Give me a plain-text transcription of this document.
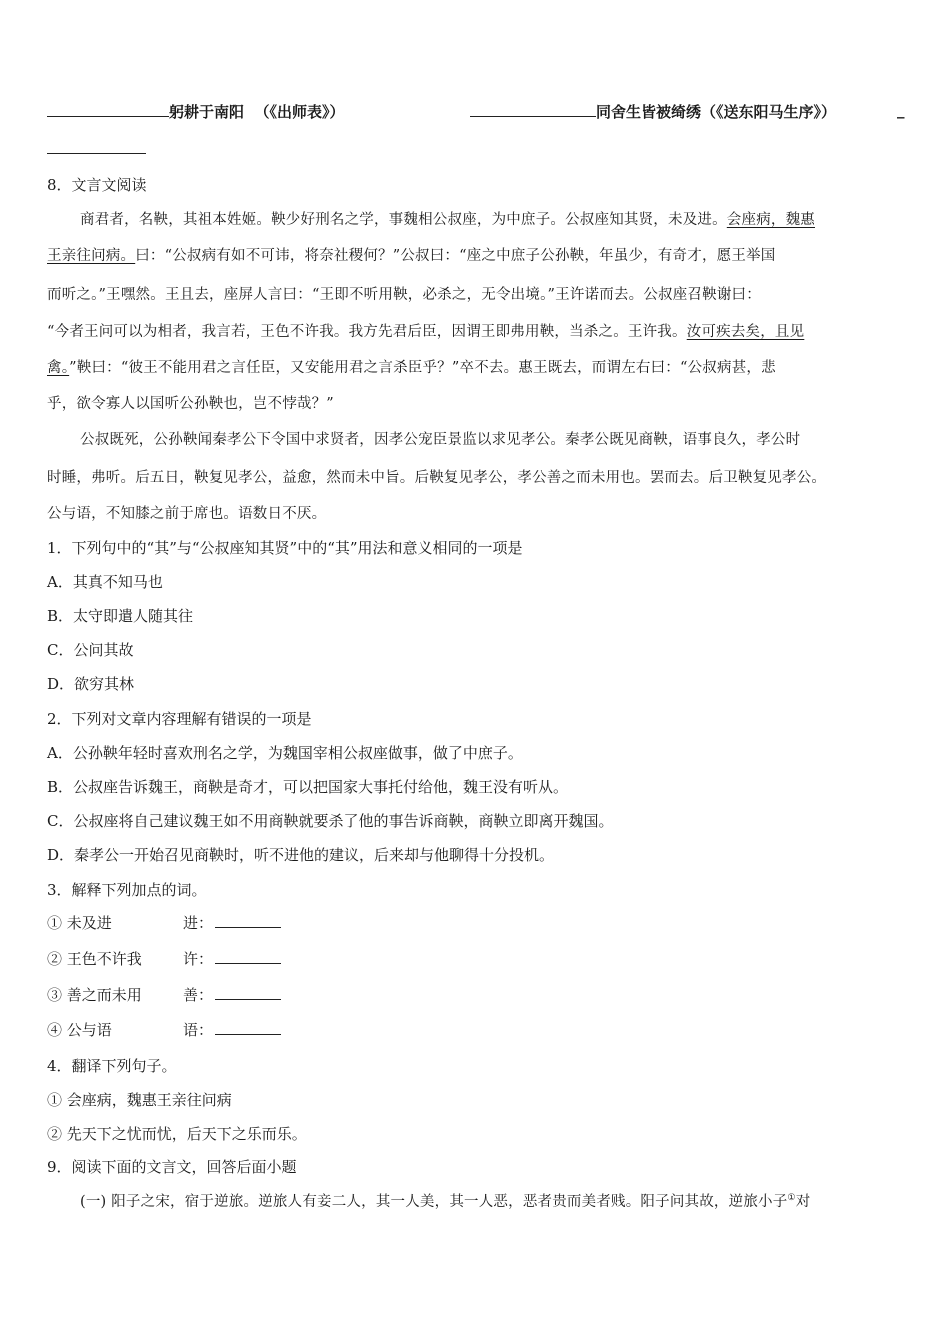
躬耕于南阳 （《出师表》）	同舍生皆被绮绣（《送东阳马生序》）	_
8．文言文阅读
商君者，名鞅，其祖本姓姬。鞅少好刑名之学，事魏相公叔座，为中庶子。公叔座知其贤，未及进。会座病，魏惠
王亲往问病。曰：“公叔病有如不可讳，将奈社稷何？”公叔曰：“座之中庶子公孙鞅，年虽少，有奇才，愿王举国
而听之。”王嘿然。王且去，座屏人言曰：“王即不听用鞅，必杀之，无令出境。”王许诺而去。公叔座召鞅谢曰：
“今者王问可以为相者，我言若，王色不许我。我方先君后臣，因谓王即弗用鞅，当杀之。王许我。汝可疾去矣，且见
禽。”鞅曰：“彼王不能用君之言任臣，又安能用君之言杀臣乎？”卒不去。惠王既去，而谓左右曰：“公叔病甚，悲
乎，欲令寡人以国听公孙鞅也，岂不悖哉？”
公叔既死，公孙鞅闻秦孝公下令国中求贤者，因孝公宠臣景监以求见孝公。秦孝公既见商鞅，语事良久，孝公时
时睡，弗听。后五日，鞅复见孝公，益愈，然而未中旨。后鞅复见孝公，孝公善之而未用也。罢而去。后卫鞅复见孝公。
公与语，不知膝之前于席也。语数日不厌。
1．下列句中的“其”与“公叔座知其贤”中的“其”用法和意义相同的一项是
A．其真不知马也
B．太守即遣人随其往
C．公问其故
D．欲穷其林
2．下列对文章内容理解有错误的一项是
A．公孙鞅年轻时喜欢刑名之学，为魏国宰相公叔座做事，做了中庶子。
B．公叔座告诉魏王，商鞅是奇才，可以把国家大事托付给他，魏王没有听从。
C．公叔座将自己建议魏王如不用商鞅就要杀了他的事告诉商鞅，商鞅立即离开魏国。
D．秦孝公一开始召见商鞅时，听不进他的建议，后来却与他聊得十分投机。
3．解释下列加点的词。
① 未及进	进：
② 王色不许我	许：
③ 善之而未用	善：
④ 公与语	语：
4．翻译下列句子。
① 会座病，魏惠王亲往问病
② 先天下之忧而忧，后天下之乐而乐。
9．阅读下面的文言文，回答后面小题
(一) 阳子之宋，宿于逆旅。逆旅人有妾二人，其一人美，其一人恶，恶者贵而美者贱。阳子问其故，逆旅小子①对
